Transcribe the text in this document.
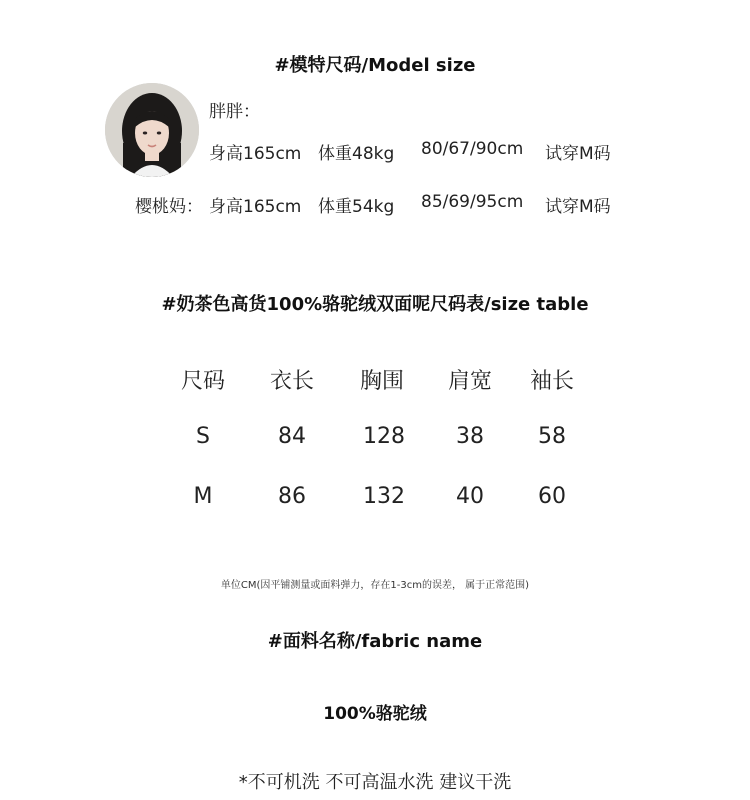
#模特尺码/Model size
胖胖：
身高165cm 体重48kg 80/67/90cm 试穿M码
樱桃妈： 身高165cm 体重54kg 85/69/95cm 试穿M码
#奶茶色高货100%骆驼绒双面呢尺码表/size table
尺码	衣长	胸围	肩宽	袖长
S	84	128	38	58
M	86	132	40	60
单位CM(因平铺测量或面料弹力，存在1-3cm的误差， 属于正常范围)
#面料名称/fabric name
100%骆驼绒
*不可机洗 不可高温水洗 建议干洗
